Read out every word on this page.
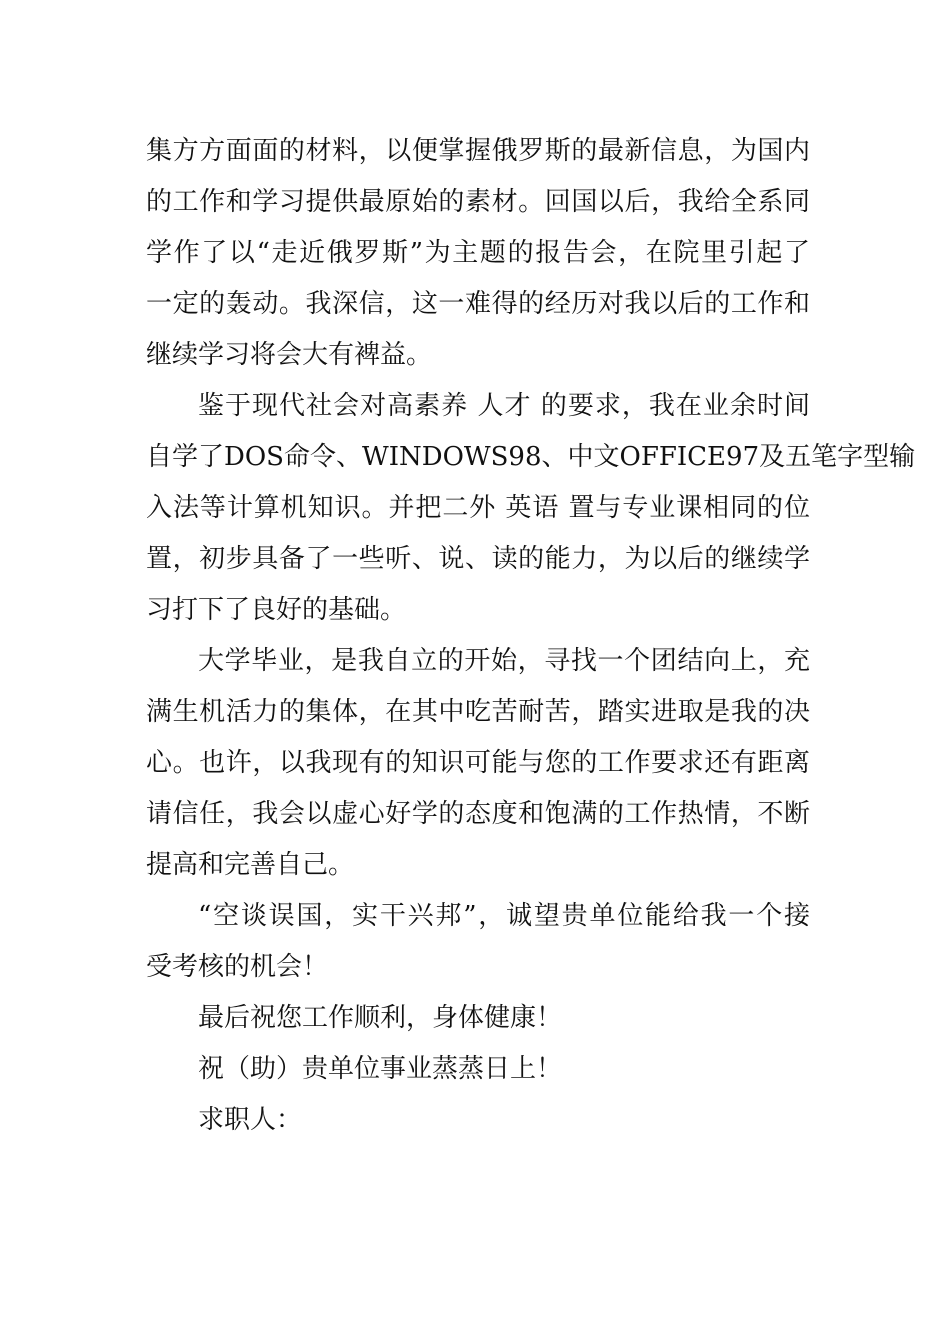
集方方面面的材料，以便掌握俄罗斯的最新信息，为国内
的工作和学习提供最原始的素材。回国以后，我给全系同
学作了以“走近俄罗斯”为主题的报告会，在院里引起了
一定的轰动。我深信，这一难得的经历对我以后的工作和
继续学习将会大有裨益。
鉴于现代社会对高素养 人才 的要求，我在业余时间
自学了DOS命令、WINDOWS98、中文OFFICE97及五笔字型输
入法等计算机知识。并把二外 英语 置与专业课相同的位
置，初步具备了一些听、说、读的能力，为以后的继续学
习打下了良好的基础。
大学毕业，是我自立的开始，寻找一个团结向上，充
满生机活力的集体，在其中吃苦耐苦，踏实进取是我的决
心。也许，以我现有的知识可能与您的工作要求还有距离
请信任，我会以虚心好学的态度和饱满的工作热情，不断
提高和完善自己。
“空谈误国，实干兴邦”，诚望贵单位能给我一个接
受考核的机会！
最后祝您工作顺利，身体健康！
祝（助）贵单位事业蒸蒸日上！
求职人：
